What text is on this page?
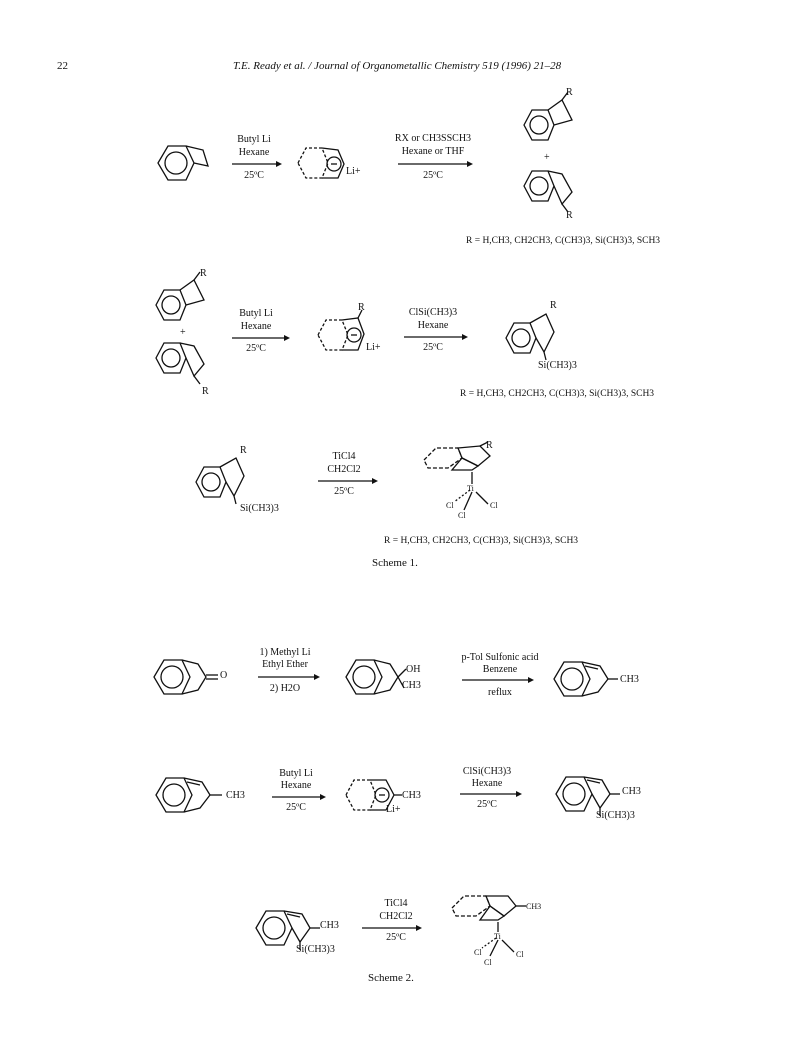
22	T.E. Ready et al. / Journal of Organometallic Chemistry 519 (1996) 21–28
Butyl Li
Hexane
25ºC	Li+
RX or CH3SSCH3
Hexane or THF
25ºC
R
+
R
R = H,CH3, CH2CH3, C(CH3)3, Si(CH3)3, SCH3
R
+
R
Butyl Li
Hexane
25ºC
R
Li+
ClSi(CH3)3
Hexane
25ºC
R
Si(CH3)3
R = H,CH3, CH2CH3, C(CH3)3, Si(CH3)3, SCH3
R
Si(CH3)3
TiCl4
CH2Cl2
25ºC
R
Ti
Cl
Cl
Cl
R = H,CH3, CH2CH3, C(CH3)3, Si(CH3)3, SCH3
Scheme 1.
O
1) Methyl Li
Ethyl Ether
2) H2O
OH
CH3
p-Tol Sulfonic acid
Benzene
reflux
CH3
CH3
Butyl Li
Hexane
25ºC
CH3
Li+
ClSi(CH3)3
Hexane
25ºC
CH3
Si(CH3)3
CH3
Si(CH3)3
TiCl4
CH2Cl2
25ºC
CH3
Ti
Cl
Cl
Cl
Scheme 2.
